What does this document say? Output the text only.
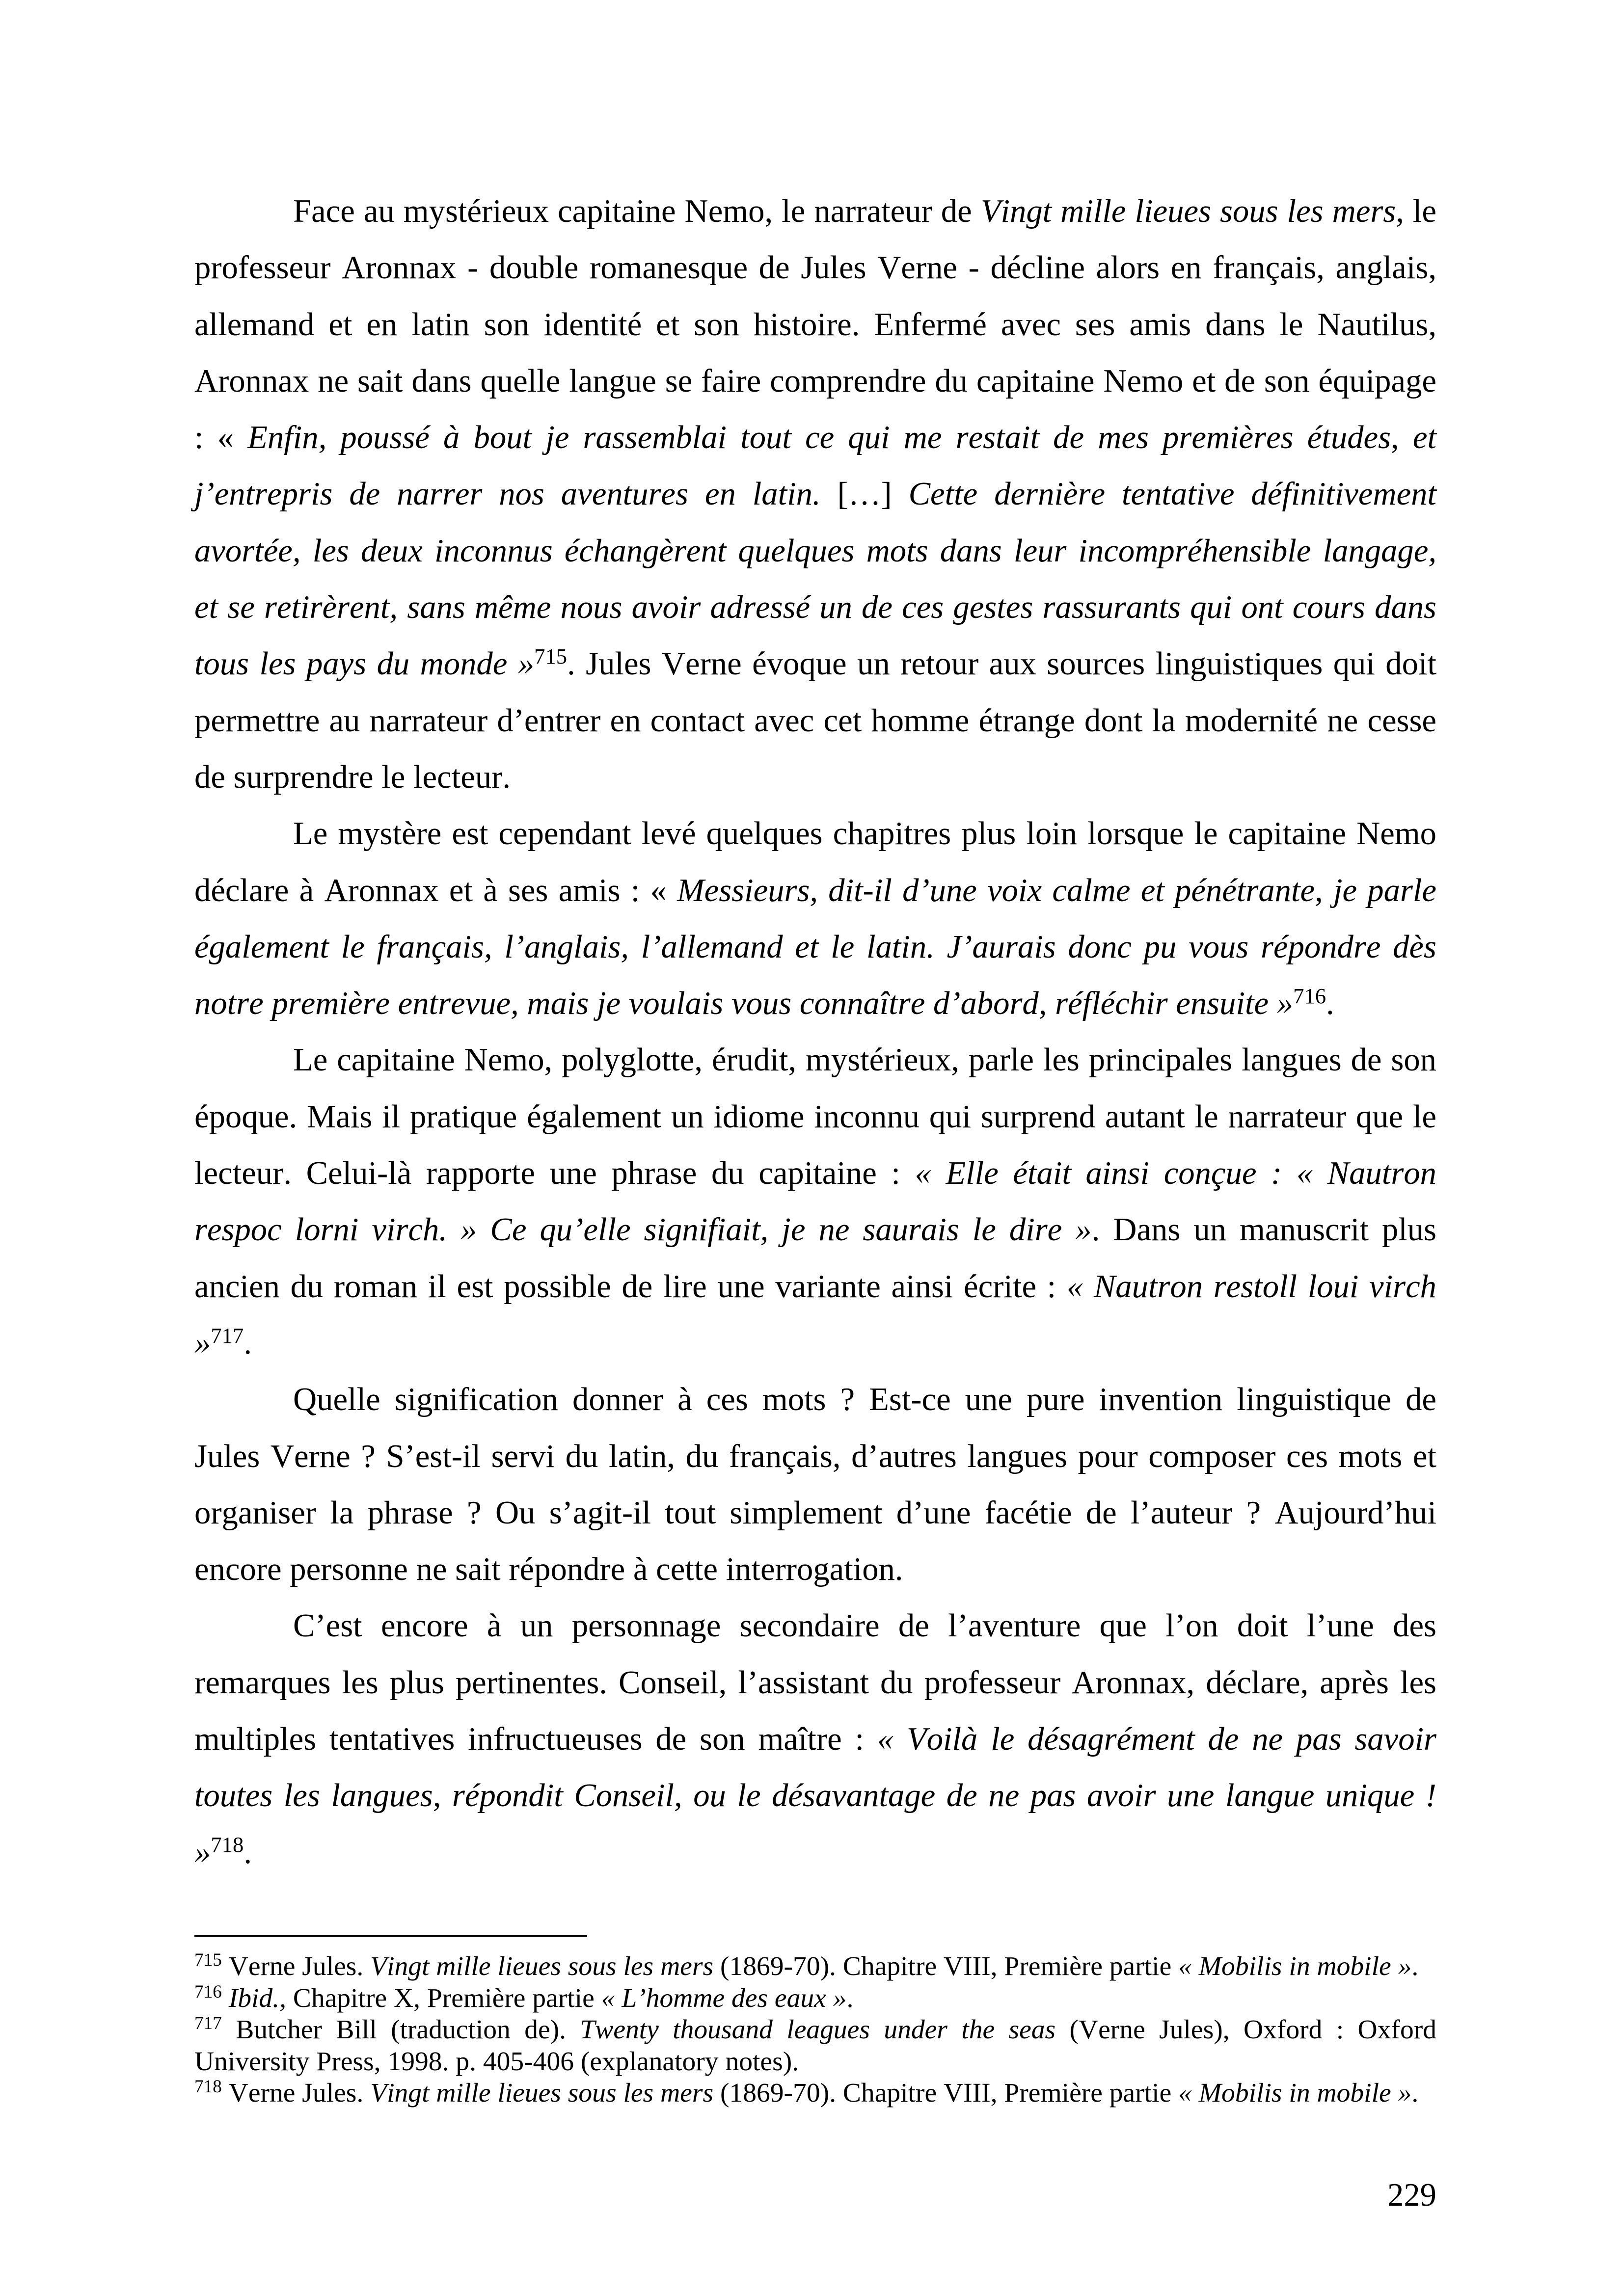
Face au mystérieux capitaine Nemo, le narrateur de Vingt mille lieues sous les mers, le
professeur Aronnax - double romanesque de Jules Verne - décline alors en français, anglais,
allemand et en latin son identité et son histoire. Enfermé avec ses amis dans le Nautilus,
Aronnax ne sait dans quelle langue se faire comprendre du capitaine Nemo et de son équipage
: « Enfin, poussé à bout je rassemblai tout ce qui me restait de mes premières études, et
j’entrepris de narrer nos aventures en latin. […] Cette dernière tentative définitivement
avortée, les deux inconnus échangèrent quelques mots dans leur incompréhensible langage,
et se retirèrent, sans même nous avoir adressé un de ces gestes rassurants qui ont cours dans
tous les pays du monde »$^{715}$. Jules Verne évoque un retour aux sources linguistiques qui doit
permettre au narrateur d’entrer en contact avec cet homme étrange dont la modernité ne cesse
de surprendre le lecteur.
Le mystère est cependant levé quelques chapitres plus loin lorsque le capitaine Nemo
déclare à Aronnax et à ses amis : « Messieurs, dit-il d’une voix calme et pénétrante, je parle
également le français, l’anglais, l’allemand et le latin. J’aurais donc pu vous répondre dès
notre première entrevue, mais je voulais vous connaître d’abord, réfléchir ensuite »$^{716}$.
Le capitaine Nemo, polyglotte, érudit, mystérieux, parle les principales langues de son
époque. Mais il pratique également un idiome inconnu qui surprend autant le narrateur que le
lecteur. Celui-là rapporte une phrase du capitaine : « Elle était ainsi conçue : « Nautron
respoc lorni virch. » Ce qu’elle signifiait, je ne saurais le dire ». Dans un manuscrit plus
ancien du roman il est possible de lire une variante ainsi écrite : « Nautron restoll loui virch
»$^{717}$.
Quelle signification donner à ces mots ? Est-ce une pure invention linguistique de
Jules Verne ? S’est-il servi du latin, du français, d’autres langues pour composer ces mots et
organiser la phrase ? Ou s’agit-il tout simplement d’une facétie de l’auteur ? Aujourd’hui
encore personne ne sait répondre à cette interrogation.
C’est encore à un personnage secondaire de l’aventure que l’on doit l’une des
remarques les plus pertinentes. Conseil, l’assistant du professeur Aronnax, déclare, après les
multiples tentatives infructueuses de son maître : « Voilà le désagrément de ne pas savoir
toutes les langues, répondit Conseil, ou le désavantage de ne pas avoir une langue unique !
»$^{718}$.
$^{715}$ Verne Jules. Vingt mille lieues sous les mers (1869-70). Chapitre VIII, Première partie « Mobilis in mobile ».
$^{716}$ Ibid., Chapitre X, Première partie « L’homme des eaux ».
$^{717}$ Butcher Bill (traduction de). Twenty thousand leagues under the seas (Verne Jules), Oxford : Oxford
University Press, 1998. p. 405-406 (explanatory notes).
$^{718}$ Verne Jules. Vingt mille lieues sous les mers (1869-70). Chapitre VIII, Première partie « Mobilis in mobile ».
229
